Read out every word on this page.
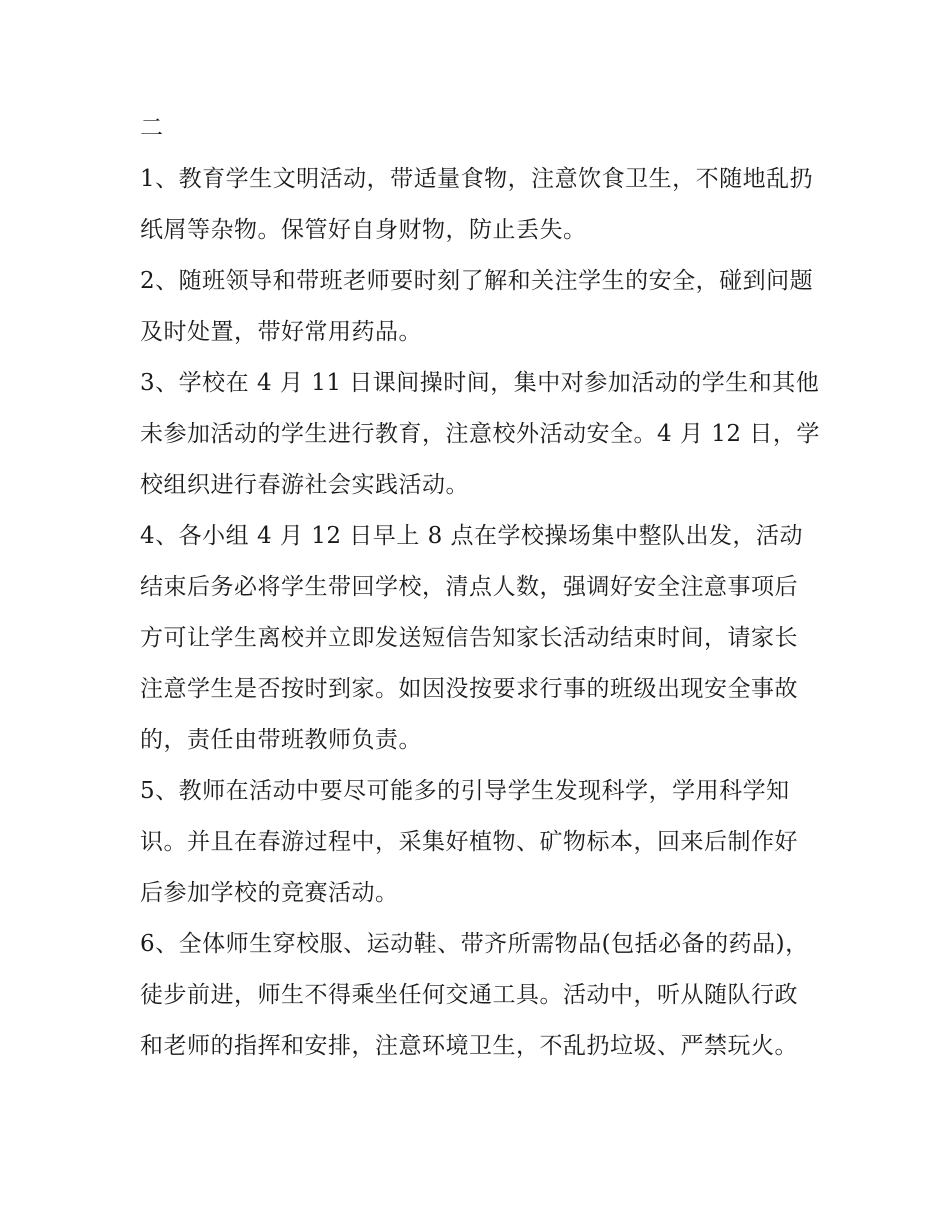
二

1、教育学生文明活动，带适量食物，注意饮食卫生，不随地乱扔纸屑等杂物。保管好自身财物，防止丢失。

2、随班领导和带班老师要时刻了解和关注学生的安全，碰到问题及时处置，带好常用药品。

3、学校在 4 月 11 日课间操时间，集中对参加活动的学生和其他未参加活动的学生进行教育，注意校外活动安全。4 月 12 日，学校组织进行春游社会实践活动。

4、各小组 4 月 12 日早上 8 点在学校操场集中整队出发，活动结束后务必将学生带回学校，清点人数，强调好安全注意事项后方可让学生离校并立即发送短信告知家长活动结束时间，请家长注意学生是否按时到家。如因没按要求行事的班级出现安全事故的，责任由带班教师负责。

5、教师在活动中要尽可能多的引导学生发现科学，学用科学知识。并且在春游过程中，采集好植物、矿物标本，回来后制作好后参加学校的竞赛活动。

6、全体师生穿校服、运动鞋、带齐所需物品(包括必备的药品)，徒步前进，师生不得乘坐任何交通工具。活动中，听从随队行政和老师的指挥和安排，注意环境卫生，不乱扔垃圾、严禁玩火。
